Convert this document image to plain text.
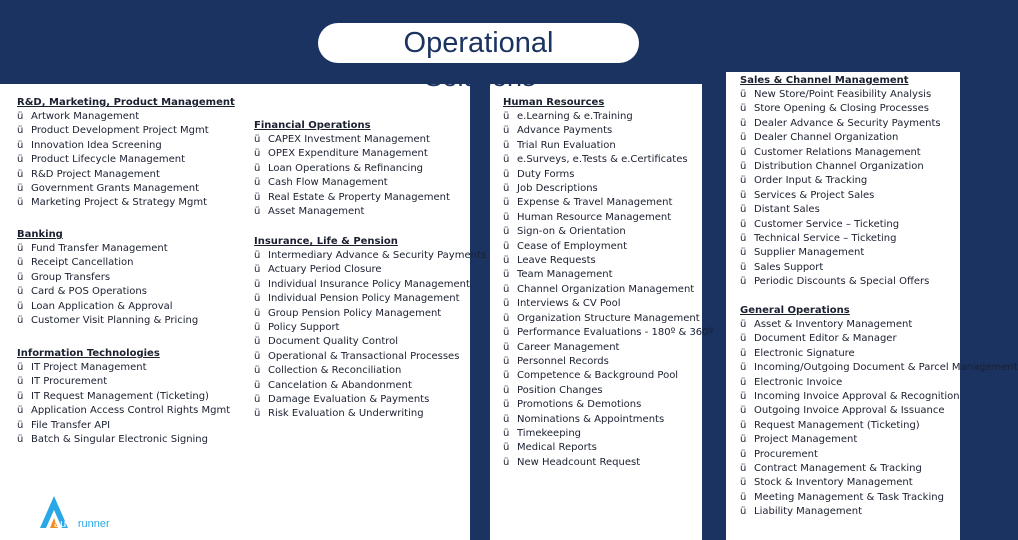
Operational
Solutions
R&D, Marketing, Product Management
ü Artwork Management
ü Product Development Project Mgmt
ü Innovation Idea Screening
ü Product Lifecycle Management
ü R&D Project Management
ü Government Grants Management
ü Marketing Project & Strategy Mgmt
Banking
ü Fund Transfer Management
ü Receipt Cancellation
ü Group Transfers
ü Card & POS Operations
ü Loan Application & Approval
ü Customer Visit Planning & Pricing
Information Technologies
ü IT Project Management
ü IT Procurement
ü IT Request Management (Ticketing)
ü Application Access Control Rights Mgmt
ü File Transfer API
ü Batch & Singular Electronic Signing
Financial Operations
ü CAPEX Investment Management
ü OPEX Expenditure Management
ü Loan Operations & Refinancing
ü Cash Flow Management
ü Real Estate & Property Management
ü Asset Management
Insurance, Life & Pension
ü Intermediary Advance & Security Payments
ü Actuary Period Closure
ü Individual Insurance Policy Management
ü Individual Pension Policy Management
ü Group Pension Policy Management
ü Policy Support
ü Document Quality Control
ü Operational & Transactional Processes
ü Collection & Reconciliation
ü Cancelation & Abandonment
ü Damage Evaluation & Payments
ü Risk Evaluation & Underwriting
Human Resources
ü e.Learning & e.Training
ü Advance Payments
ü Trial Run Evaluation
ü e.Surveys, e.Tests & e.Certificates
ü Duty Forms
ü Job Descriptions
ü Expense & Travel Management
ü Human Resource Management
ü Sign-on & Orientation
ü Cease of Employment
ü Leave Requests
ü Team Management
ü Channel Organization Management
ü Interviews & CV Pool
ü Organization Structure Management
ü Performance Evaluations - 180º & 360º
ü Career Management
ü Personnel Records
ü Competence & Background Pool
ü Position Changes
ü Promotions & Demotions
ü Nominations & Appointments
ü Timekeeping
ü Medical Reports
ü New Headcount Request
Sales & Channel Management
ü New Store/Point Feasibility Analysis
ü Store Opening & Closing Processes
ü Dealer Advance & Security Payments
ü Dealer Channel Organization
ü Customer Relations Management
ü Distribution Channel Organization
ü Order Input & Tracking
ü Services & Project Sales
ü Distant Sales
ü Customer Service – Ticketing
ü Technical Service – Ticketing
ü Supplier Management
ü Sales Support
ü Periodic Discounts & Special Offers
General Operations
ü Asset & Inventory Management
ü Document Editor & Manager
ü Electronic Signature
ü Incoming/Outgoing Document & Parcel Management
ü Electronic Invoice
ü Incoming Invoice Approval & Recognition
ü Outgoing Invoice Approval & Issuance
ü Request Management (Ticketing)
ü Project Management
ü Procurement
ü Contract Management & Tracking
ü Stock & Inventory Management
ü Meeting Management & Task Tracking
ü Liability Management
auditrunner
